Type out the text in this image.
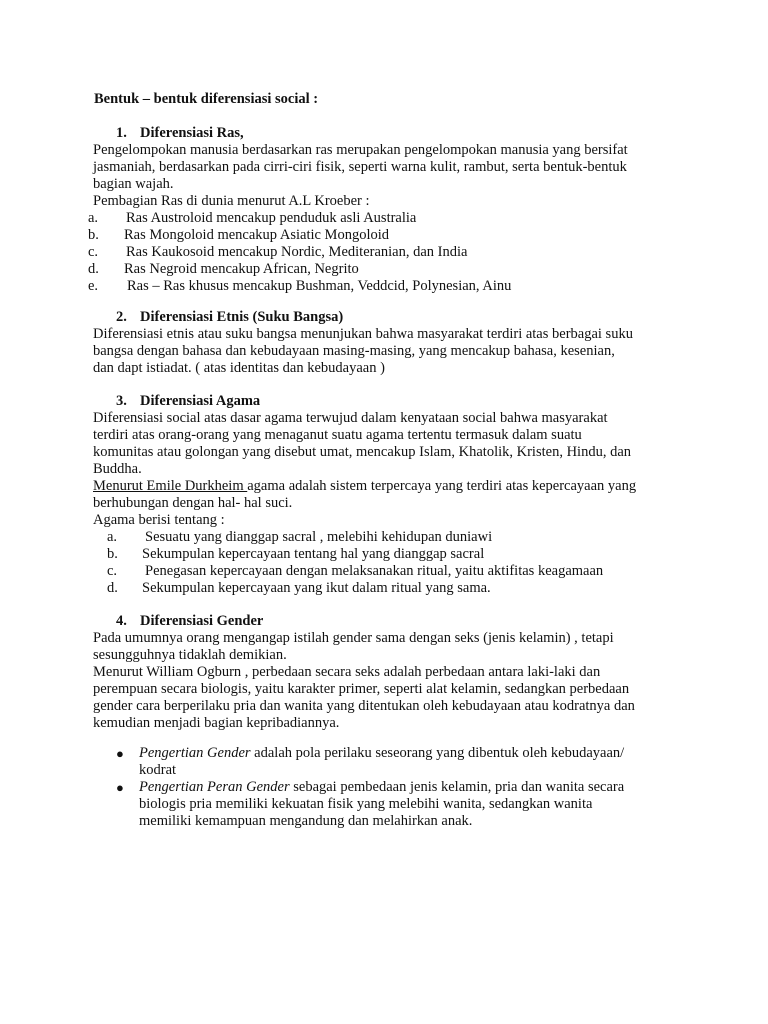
Bentuk – bentuk diferensiasi social :
1. Diferensiasi Ras,
Pengelompokan manusia berdasarkan ras merupakan pengelompokan manusia yang bersifat
jasmaniah, berdasarkan pada cirri-ciri fisik, seperti warna kulit, rambut, serta bentuk-bentuk
bagian wajah.
Pembagian Ras di dunia menurut A.L Kroeber :
a. Ras Austroloid mencakup penduduk asli Australia
b. Ras Mongoloid mencakup Asiatic Mongoloid
c. Ras Kaukosoid mencakup Nordic, Mediteranian, dan India
d. Ras Negroid mencakup African, Negrito
e. Ras – Ras khusus mencakup Bushman, Veddcid, Polynesian, Ainu
2. Diferensiasi Etnis (Suku Bangsa)
Diferensiasi etnis atau suku bangsa menunjukan bahwa masyarakat terdiri atas berbagai suku
bangsa dengan bahasa dan kebudayaan masing-masing, yang mencakup bahasa, kesenian,
dan dapt istiadat. ( atas identitas dan kebudayaan )
3. Diferensiasi Agama
Diferensiasi social atas dasar agama terwujud dalam kenyataan social bahwa masyarakat
terdiri atas orang-orang yang menaganut suatu agama tertentu termasuk dalam suatu
komunitas atau golongan yang disebut umat, mencakup Islam, Khatolik, Kristen, Hindu, dan
Buddha.
Menurut Emile Durkheim agama adalah sistem terpercaya yang terdiri atas kepercayaan yang
berhubungan dengan hal- hal suci.
Agama berisi tentang :
a. Sesuatu yang dianggap sacral , melebihi kehidupan duniawi
b. Sekumpulan kepercayaan tentang hal yang dianggap sacral
c. Penegasan kepercayaan dengan melaksanakan ritual, yaitu aktifitas keagamaan
d. Sekumpulan kepercayaan yang ikut dalam ritual yang sama.
4. Diferensiasi Gender
Pada umumnya orang mengangap istilah gender sama dengan seks (jenis kelamin) , tetapi
sesungguhnya tidaklah demikian.
Menurut William Ogburn , perbedaan secara seks adalah perbedaan antara laki-laki dan
perempuan secara biologis, yaitu karakter primer, seperti alat kelamin, sedangkan perbedaan
gender cara berperilaku pria dan wanita yang ditentukan oleh kebudayaan atau kodratnya dan
kemudian menjadi bagian kepribadiannya.
● Pengertian Gender adalah pola perilaku seseorang yang dibentuk oleh kebudayaan/
kodrat
● Pengertian Peran Gender sebagai pembedaan jenis kelamin, pria dan wanita secara
biologis pria memiliki kekuatan fisik yang melebihi wanita, sedangkan wanita
memiliki kemampuan mengandung dan melahirkan anak.
